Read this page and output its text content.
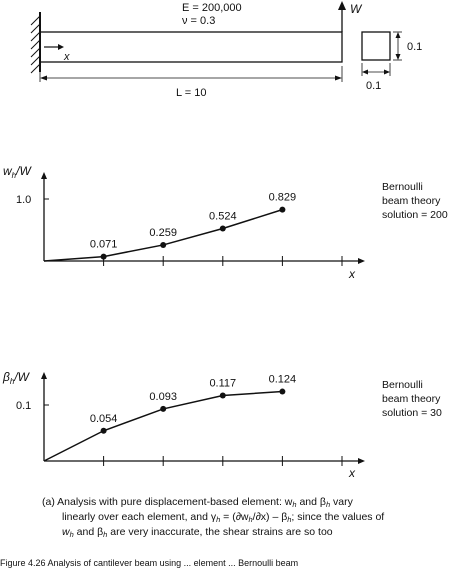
E = 200,000
ν = 0.3
x
W
L = 10
0.1
0.1
$w_h/W$
1.0
x
Bernoulli
beam theory
solution = 200
0.071
0.259
0.524
0.829
$\beta_h/W$
0.1
x
Bernoulli
beam theory
solution = 30
0.054
0.093
0.117	0.124
(a) Analysis with pure displacement-based element: wh and βh vary
linearly over each element, and γh = (∂wh/∂x) – βh; since the values of
wh and βh are very inaccurate, the shear strains are so too
Figure 4.26 Analysis of cantilever beam using ... element ... Bernoulli beam
